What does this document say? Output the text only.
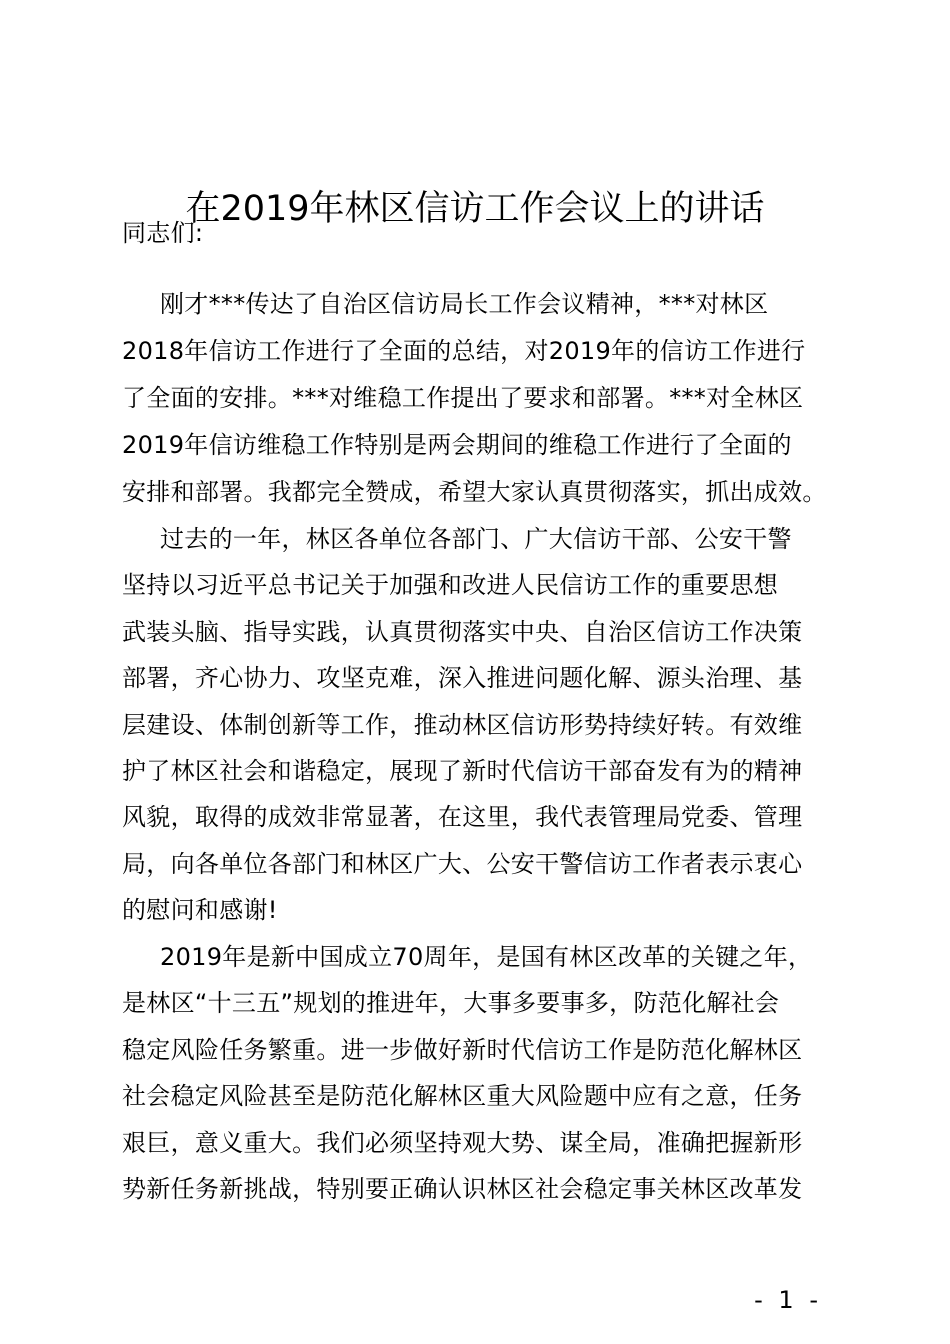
在2019年林区信访工作会议上的讲话
同志们:
刚才***传达了自治区信访局长工作会议精神，***对林区
2018年信访工作进行了全面的总结，对2019年的信访工作进行
了全面的安排。***对维稳工作提出了要求和部署。***对全林区
2019年信访维稳工作特别是两会期间的维稳工作进行了全面的
安排和部署。我都完全赞成，希望大家认真贯彻落实，抓出成效。
过去的一年，林区各单位各部门、广大信访干部、公安干警
坚持以习近平总书记关于加强和改进人民信访工作的重要思想
武装头脑、指导实践，认真贯彻落实中央、自治区信访工作决策
部署，齐心协力、攻坚克难，深入推进问题化解、源头治理、基
层建设、体制创新等工作，推动林区信访形势持续好转。有效维
护了林区社会和谐稳定，展现了新时代信访干部奋发有为的精神
风貌，取得的成效非常显著，在这里，我代表管理局党委、管理
局，向各单位各部门和林区广大、公安干警信访工作者表示衷心
的慰问和感谢!
2019年是新中国成立70周年，是国有林区改革的关键之年，
是林区“十三五”规划的推进年，大事多要事多，防范化解社会
稳定风险任务繁重。进一步做好新时代信访工作是防范化解林区
社会稳定风险甚至是防范化解林区重大风险题中应有之意，任务
艰巨，意义重大。我们必须坚持观大势、谋全局，准确把握新形
势新任务新挑战，特别要正确认识林区社会稳定事关林区改革发
- 1 -
